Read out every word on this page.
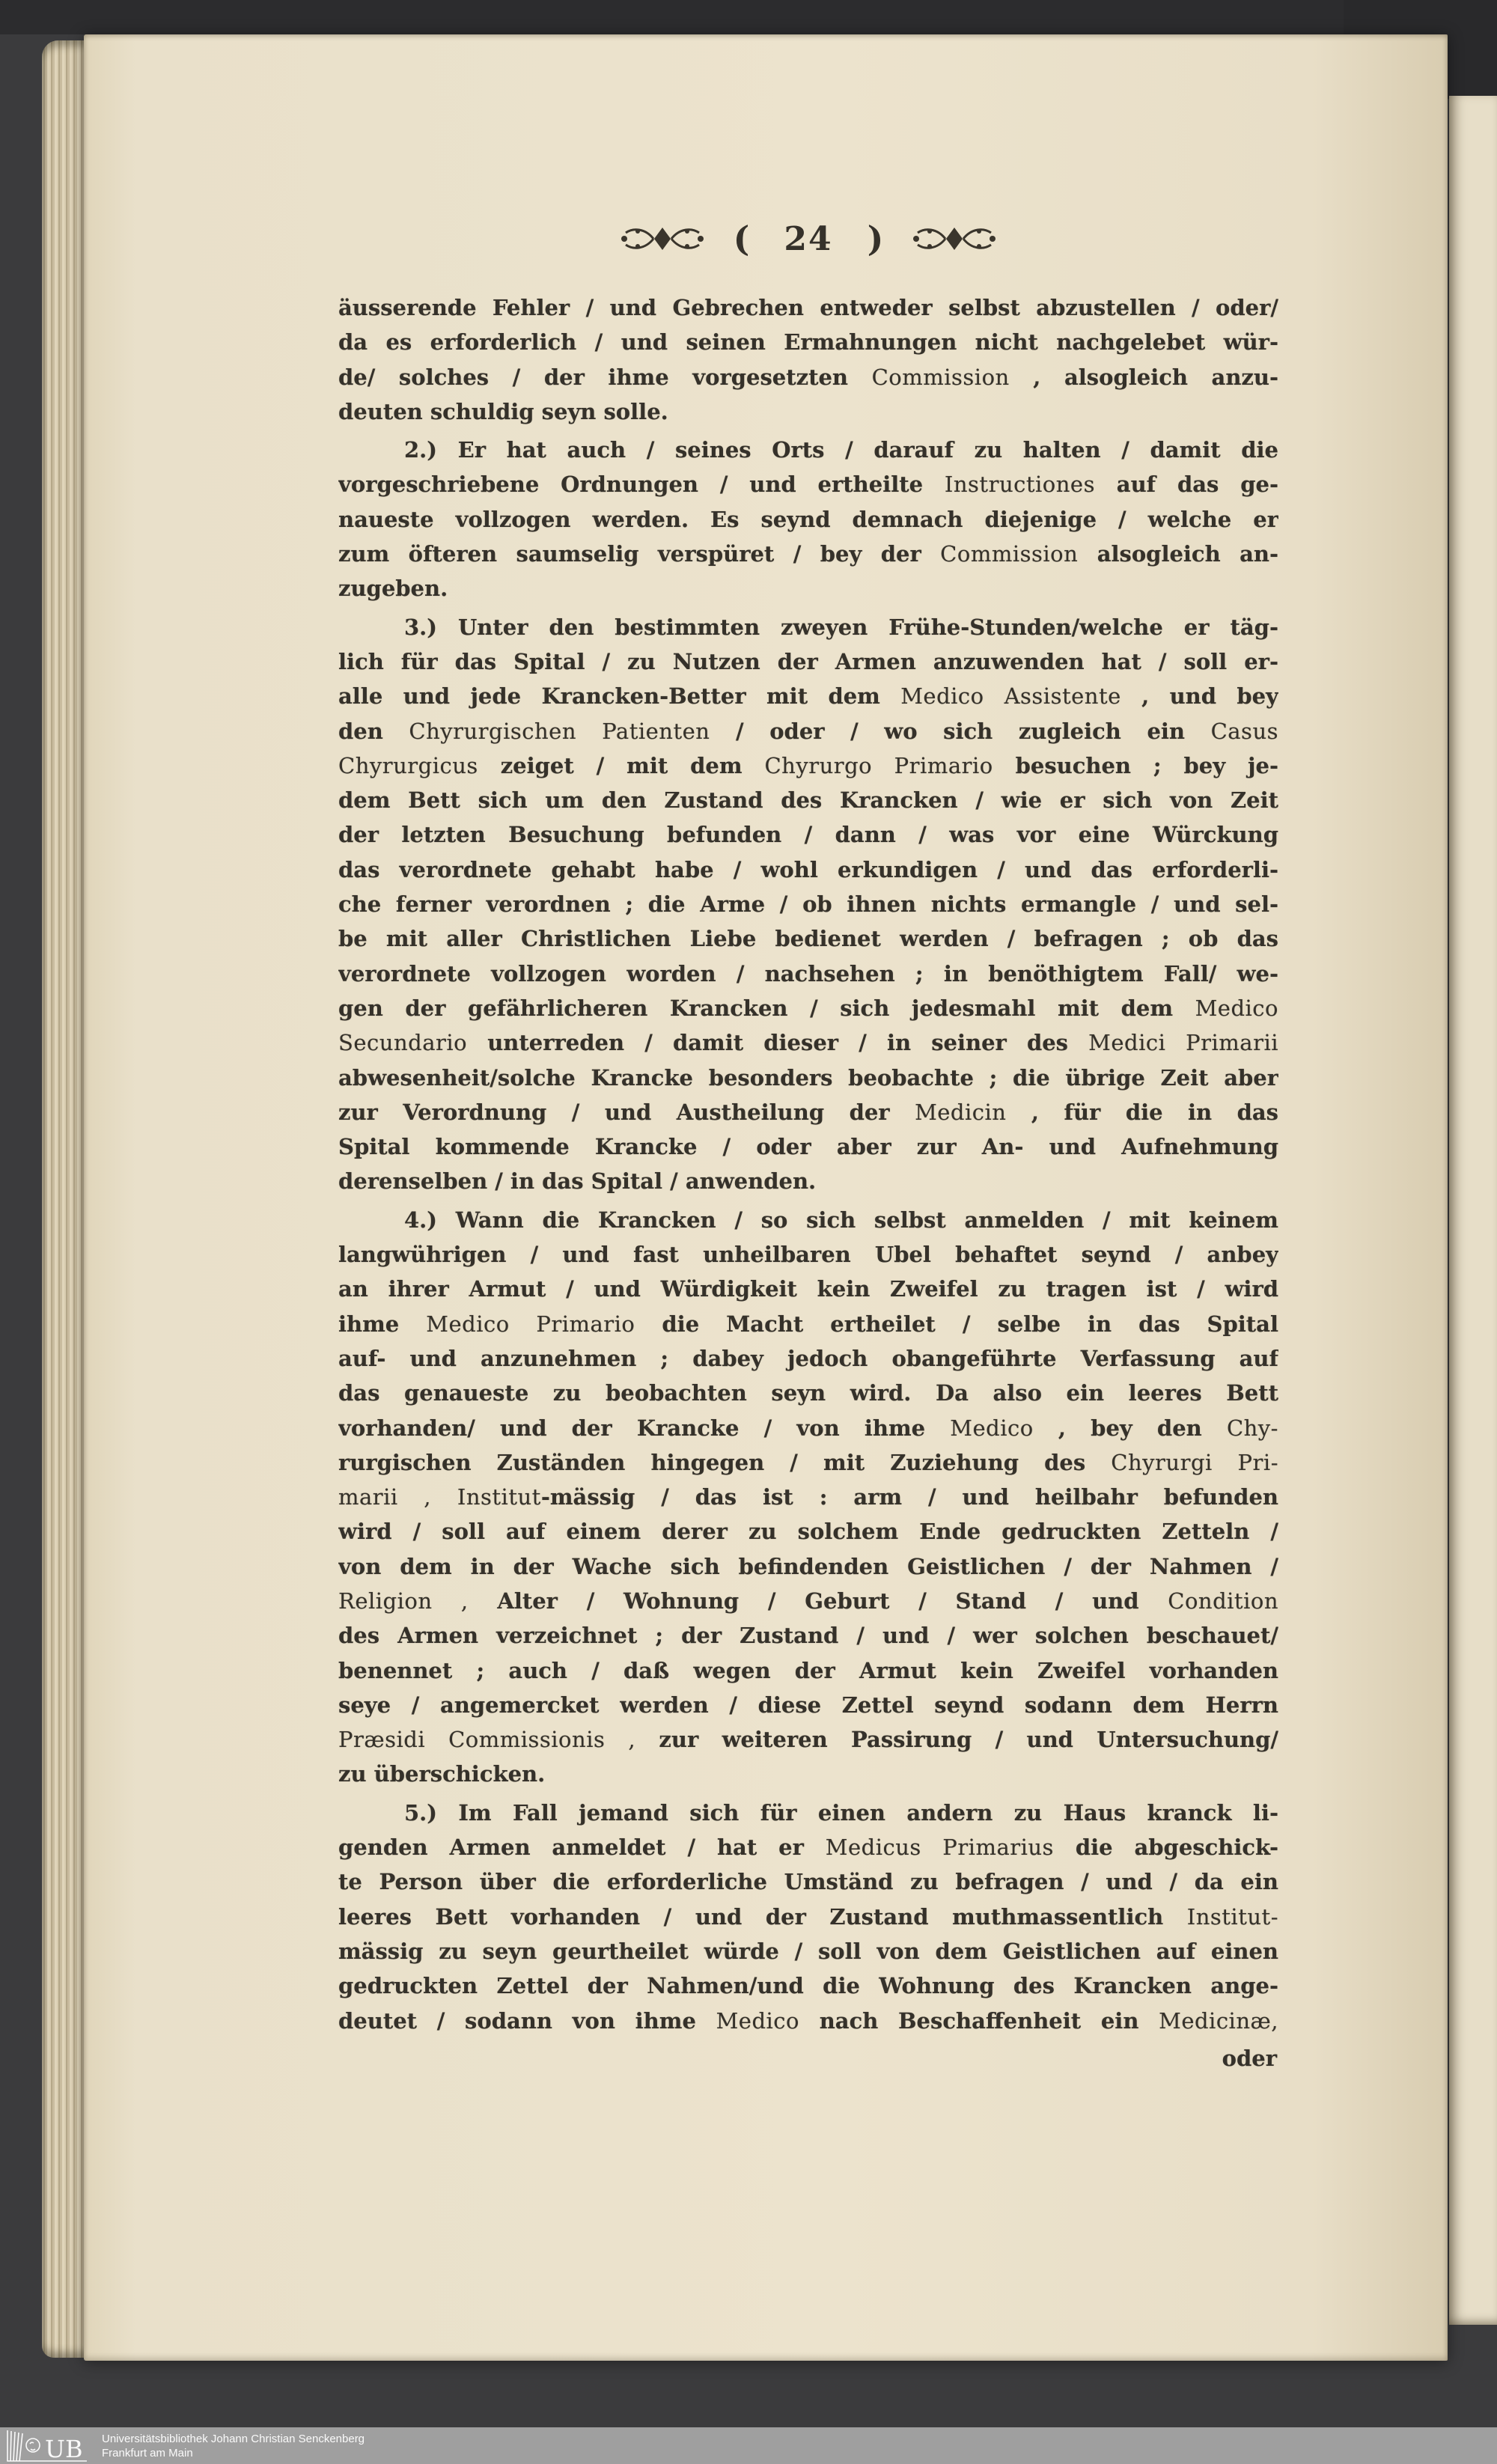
( 24 )
äusserende Fehler / und Gebrechen entweder selbst abzustellen / oder/
da es erforderlich / und seinen Ermahnungen nicht nachgelebet wür-
de/ solches / der ihme vorgesetzten Commission , alsogleich anzu-
deuten schuldig seyn solle.
2.) Er hat auch / seines Orts / darauf zu halten / damit die
vorgeschriebene Ordnungen / und ertheilte Instructiones auf das ge-
naueste vollzogen werden. Es seynd demnach diejenige / welche er
zum öfteren saumselig verspüret / bey der Commission alsogleich an-
zugeben.
3.) Unter den bestimmten zweyen Frühe-Stunden/welche er täg-
lich für das Spital / zu Nutzen der Armen anzuwenden hat / soll er-
alle und jede Krancken-Better mit dem Medico Assistente , und bey
den Chyrurgischen Patienten / oder / wo sich zugleich ein Casus
Chyrurgicus zeiget / mit dem Chyrurgo Primario besuchen ; bey je-
dem Bett sich um den Zustand des Krancken / wie er sich von Zeit
der letzten Besuchung befunden / dann / was vor eine Würckung
das verordnete gehabt habe / wohl erkundigen / und das erforderli-
che ferner verordnen ; die Arme / ob ihnen nichts ermangle / und sel-
be mit aller Christlichen Liebe bedienet werden / befragen ; ob das
verordnete vollzogen worden / nachsehen ; in benöthigtem Fall/ we-
gen der gefährlicheren Krancken / sich jedesmahl mit dem Medico
Secundario unterreden / damit dieser / in seiner des Medici Primarii
abwesenheit/solche Krancke besonders beobachte ; die übrige Zeit aber
zur Verordnung / und Austheilung der Medicin , für die in das
Spital kommende Krancke / oder aber zur An- und Aufnehmung
derenselben / in das Spital / anwenden.
4.) Wann die Krancken / so sich selbst anmelden / mit keinem
langwührigen / und fast unheilbaren Ubel behaftet seynd / anbey
an ihrer Armut / und Würdigkeit kein Zweifel zu tragen ist / wird
ihme Medico Primario die Macht ertheilet / selbe in das Spital
auf- und anzunehmen ; dabey jedoch obangeführte Verfassung auf
das genaueste zu beobachten seyn wird. Da also ein leeres Bett
vorhanden/ und der Krancke / von ihme Medico , bey den Chy-
rurgischen Zuständen hingegen / mit Zuziehung des Chyrurgi Pri-
marii , Institut-mässig / das ist : arm / und heilbahr befunden
wird / soll auf einem derer zu solchem Ende gedruckten Zetteln /
von dem in der Wache sich befindenden Geistlichen / der Nahmen /
Religion , Alter / Wohnung / Geburt / Stand / und Condition
des Armen verzeichnet ; der Zustand / und / wer solchen beschauet/
benennet ; auch / daß wegen der Armut kein Zweifel vorhanden
seye / angemercket werden / diese Zettel seynd sodann dem Herrn
Præsidi Commissionis , zur weiteren Passirung / und Untersuchung/
zu überschicken.
5.) Im Fall jemand sich für einen andern zu Haus kranck li-
genden Armen anmeldet / hat er Medicus Primarius die abgeschick-
te Person über die erforderliche Umständ zu befragen / und / da ein
leeres Bett vorhanden / und der Zustand muthmassentlich Institut-
mässig zu seyn geurtheilet würde / soll von dem Geistlichen auf einen
gedruckten Zettel der Nahmen/und die Wohnung des Krancken ange-
deutet / sodann von ihme Medico nach Beschaffenheit ein Medicinæ,
oder
UB Universitätsbibliothek Johann Christian Senckenberg
Frankfurt am Main
